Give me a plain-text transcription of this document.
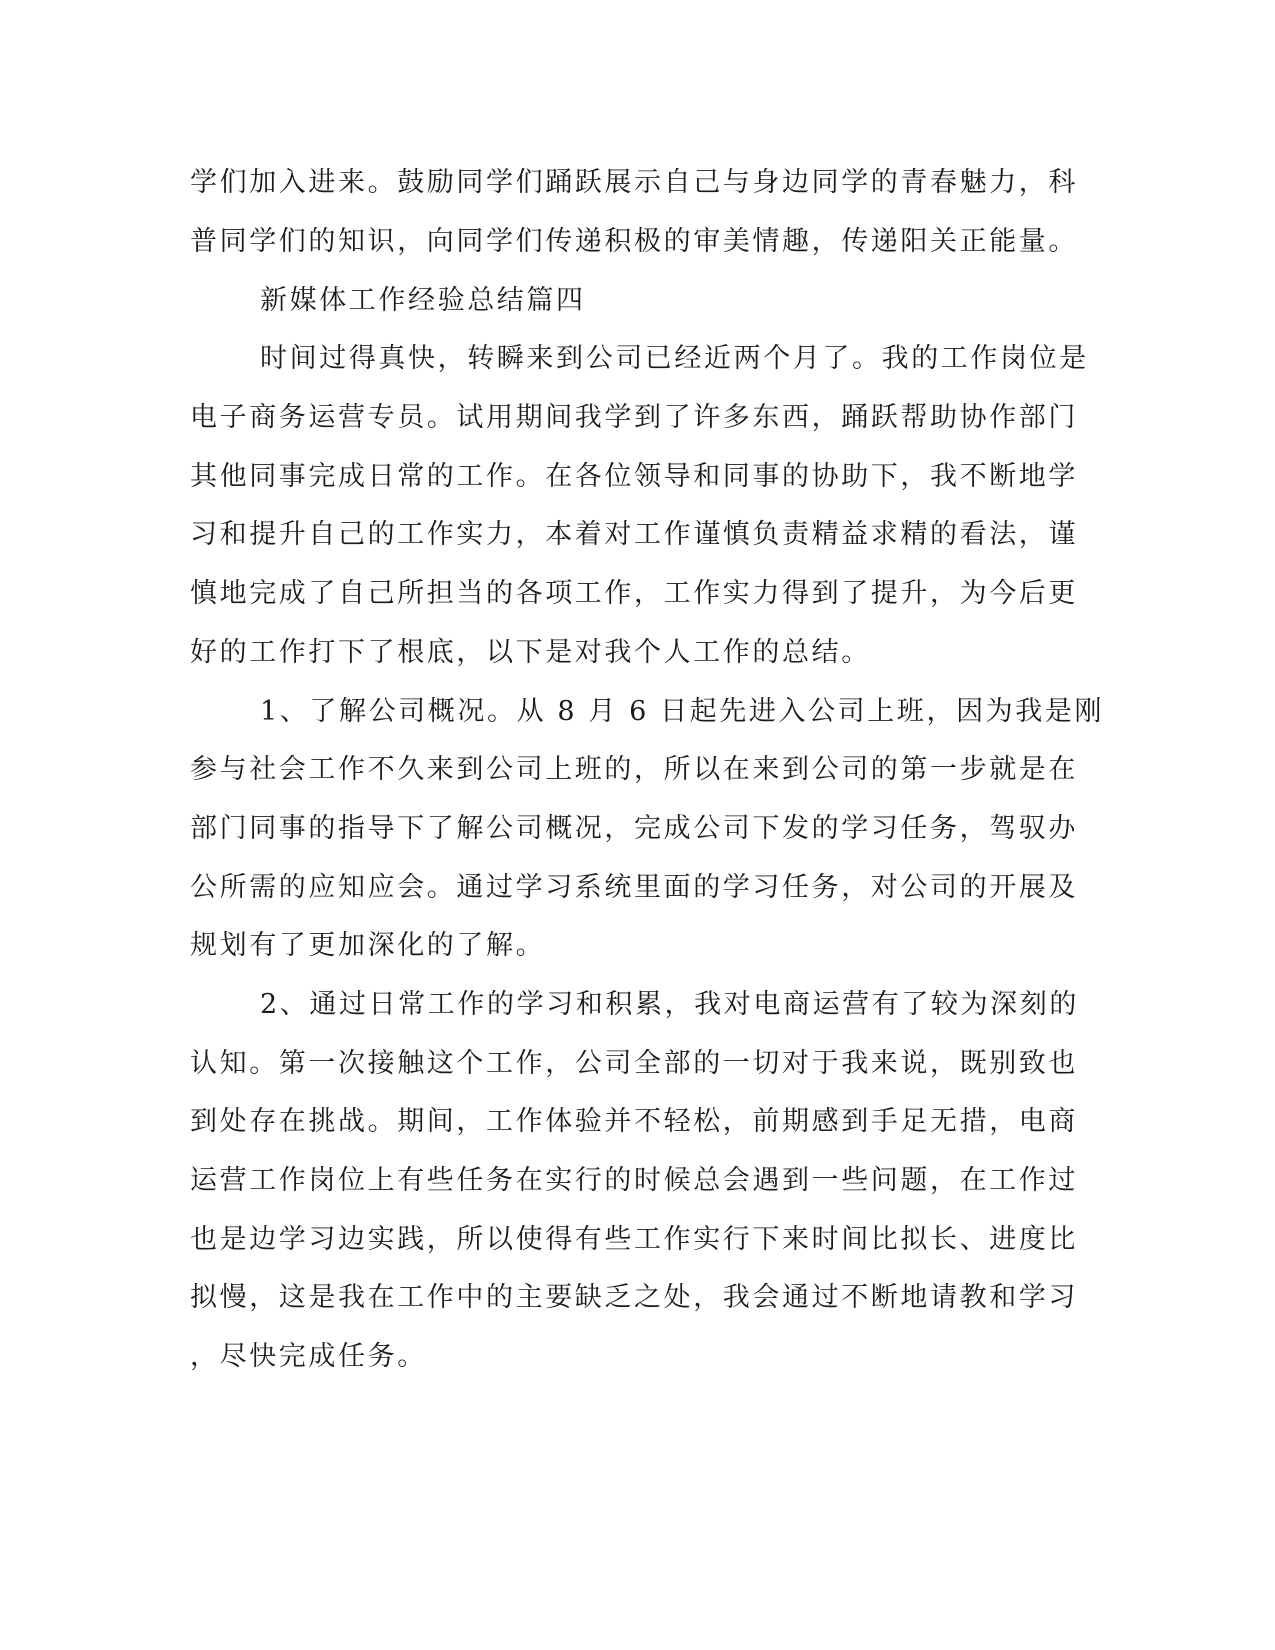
学们加入进来。鼓励同学们踊跃展示自己与身边同学的青春魅力，科
普同学们的知识，向同学们传递积极的审美情趣，传递阳关正能量。
新媒体工作经验总结篇四
时间过得真快，转瞬来到公司已经近两个月了。我的工作岗位是
电子商务运营专员。试用期间我学到了许多东西，踊跃帮助协作部门
其他同事完成日常的工作。在各位领导和同事的协助下，我不断地学
习和提升自己的工作实力，本着对工作谨慎负责精益求精的看法，谨
慎地完成了自己所担当的各项工作，工作实力得到了提升，为今后更
好的工作打下了根底，以下是对我个人工作的总结。
1、了解公司概况。从 8 月 6 日起先进入公司上班，因为我是刚
参与社会工作不久来到公司上班的，所以在来到公司的第一步就是在
部门同事的指导下了解公司概况，完成公司下发的学习任务，驾驭办
公所需的应知应会。通过学习系统里面的学习任务，对公司的开展及
规划有了更加深化的了解。
2、通过日常工作的学习和积累，我对电商运营有了较为深刻的
认知。第一次接触这个工作，公司全部的一切对于我来说，既别致也
到处存在挑战。期间，工作体验并不轻松，前期感到手足无措，电商
运营工作岗位上有些任务在实行的时候总会遇到一些问题，在工作过
也是边学习边实践，所以使得有些工作实行下来时间比拟长、进度比
拟慢，这是我在工作中的主要缺乏之处，我会通过不断地请教和学习
，尽快完成任务。
